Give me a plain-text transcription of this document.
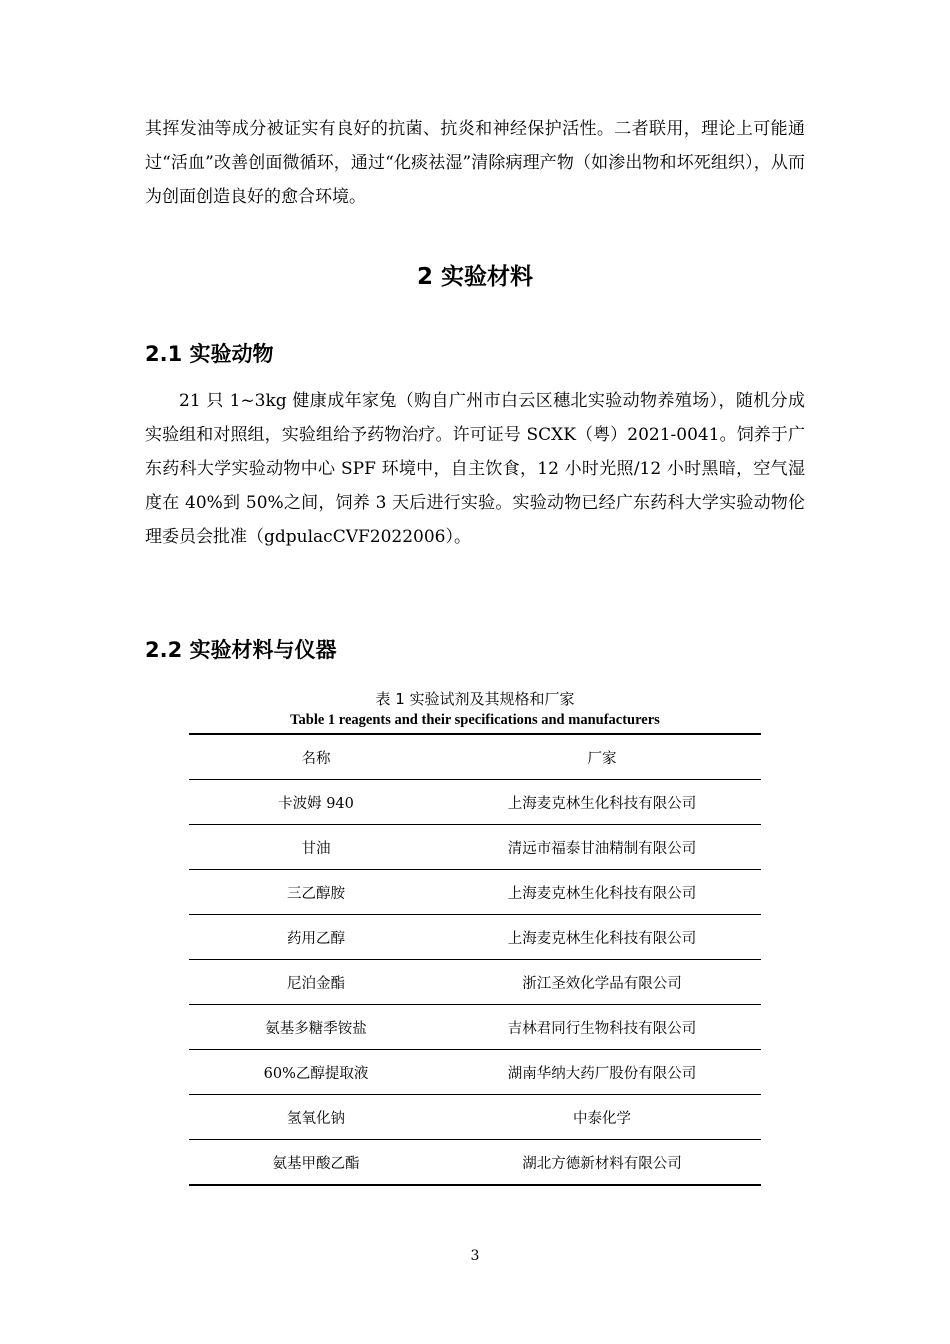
其挥发油等成分被证实有良好的抗菌、抗炎和神经保护活性。二者联用，理论上可能通过“活血”改善创面微循环，通过“化痰祛湿”清除病理产物（如渗出物和坏死组织），从而为创面创造良好的愈合环境。

2 实验材料
2.1 实验动物

21 只 1~3kg 健康成年家兔（购自广州市白云区穗北实验动物养殖场），随机分成实验组和对照组，实验组给予药物治疗。许可证号 SCXK（粤）2021-0041。饲养于广东药科大学实验动物中心 SPF 环境中，自主饮食，12 小时光照/12 小时黑暗，空气湿度在 40%到 50%之间，饲养 3 天后进行实验。实验动物已经广东药科大学实验动物伦理委员会批准（gdpulacCVF2022006）。

2.2 实验材料与仪器

表 1 实验试剂及其规格和厂家

Table 1 reagents and their specifications and manufacturers

名称	厂家
卡波姆 940	上海麦克林生化科技有限公司
甘油	清远市福泰甘油精制有限公司
三乙醇胺	上海麦克林生化科技有限公司
药用乙醇	上海麦克林生化科技有限公司
尼泊金酯	浙江圣效化学品有限公司
氨基多糖季铵盐	吉林君同行生物科技有限公司
60%乙醇提取液	湖南华纳大药厂股份有限公司
氢氧化钠	中泰化学
氨基甲酸乙酯	湖北方德新材料有限公司
3
